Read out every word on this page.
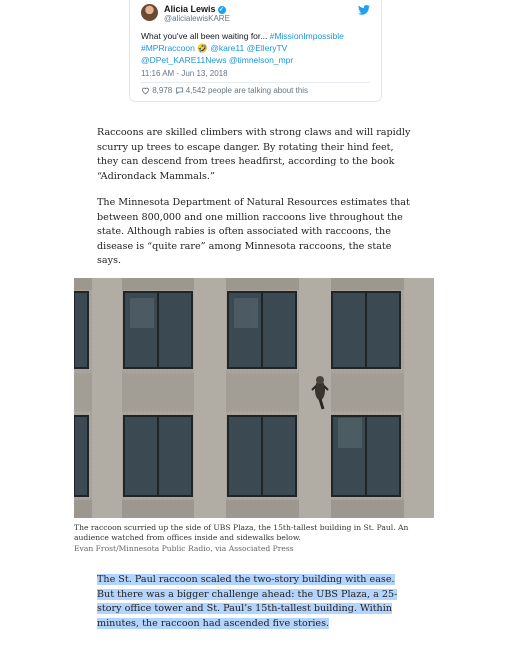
Alicia Lewis ✓
@alicialewisKARE
What you've all been waiting for... #MissionImpossible
#MPRraccoon 🤣 @kare11 @ElleryTV
@DPet_KARE11News @timnelson_mpr
11:16 AM - Jun 13, 2018
8,978 4,542 people are talking about this

Raccoons are skilled climbers with strong claws and will rapidly scurry up trees to escape danger. By rotating their hind feet, they can descend from trees headfirst, according to the book “Adirondack Mammals.”

The Minnesota Department of Natural Resources estimates that between 800,000 and one million raccoons live throughout the state. Although rabies is often associated with raccoons, the disease is “quite rare” among Minnesota raccoons, the state says.

The raccoon scurried up the side of UBS Plaza, the 15th-tallest building in St. Paul. An audience watched from offices inside and sidewalks below.
Evan Frost/Minnesota Public Radio, via Associated Press

The St. Paul raccoon scaled the two-story building with ease. But there was a bigger challenge ahead: the UBS Plaza, a 25-story office tower and St. Paul’s 15th-tallest building. Within minutes, the raccoon had ascended five stories.
